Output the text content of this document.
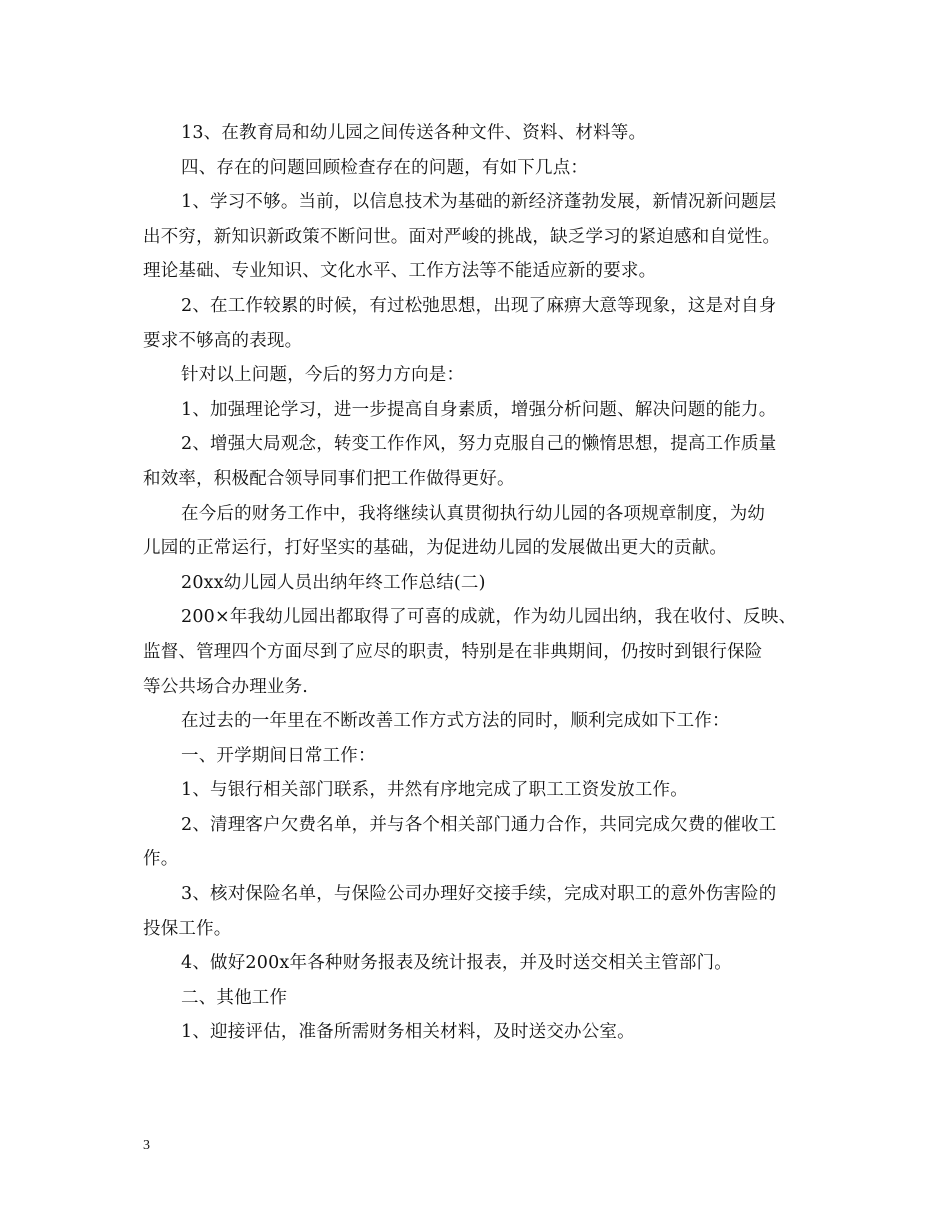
13、在教育局和幼儿园之间传送各种文件、资料、材料等。
四、存在的问题回顾检查存在的问题，有如下几点：
1、学习不够。当前，以信息技术为基础的新经济蓬勃发展，新情况新问题层
出不穷，新知识新政策不断问世。面对严峻的挑战，缺乏学习的紧迫感和自觉性。
理论基础、专业知识、文化水平、工作方法等不能适应新的要求。
2、在工作较累的时候，有过松弛思想，出现了麻痹大意等现象，这是对自身
要求不够高的表现。
针对以上问题，今后的努力方向是：
1、加强理论学习，进一步提高自身素质，增强分析问题、解决问题的能力。
2、增强大局观念，转变工作作风，努力克服自己的懒惰思想，提高工作质量
和效率，积极配合领导同事们把工作做得更好。
在今后的财务工作中，我将继续认真贯彻执行幼儿园的各项规章制度，为幼
儿园的正常运行，打好坚实的基础，为促进幼儿园的发展做出更大的贡献。
20xx幼儿园人员出纳年终工作总结(二)
200×年我幼儿园出都取得了可喜的成就，作为幼儿园出纳，我在收付、反映、
监督、管理四个方面尽到了应尽的职责，特别是在非典期间，仍按时到银行保险
等公共场合办理业务.
在过去的一年里在不断改善工作方式方法的同时，顺利完成如下工作：
一、开学期间日常工作：
1、与银行相关部门联系，井然有序地完成了职工工资发放工作。
2、清理客户欠费名单，并与各个相关部门通力合作，共同完成欠费的催收工
作。
3、核对保险名单，与保险公司办理好交接手续，完成对职工的意外伤害险的
投保工作。
4、做好200x年各种财务报表及统计报表，并及时送交相关主管部门。
二、其他工作
1、迎接评估，准备所需财务相关材料，及时送交办公室。
3
